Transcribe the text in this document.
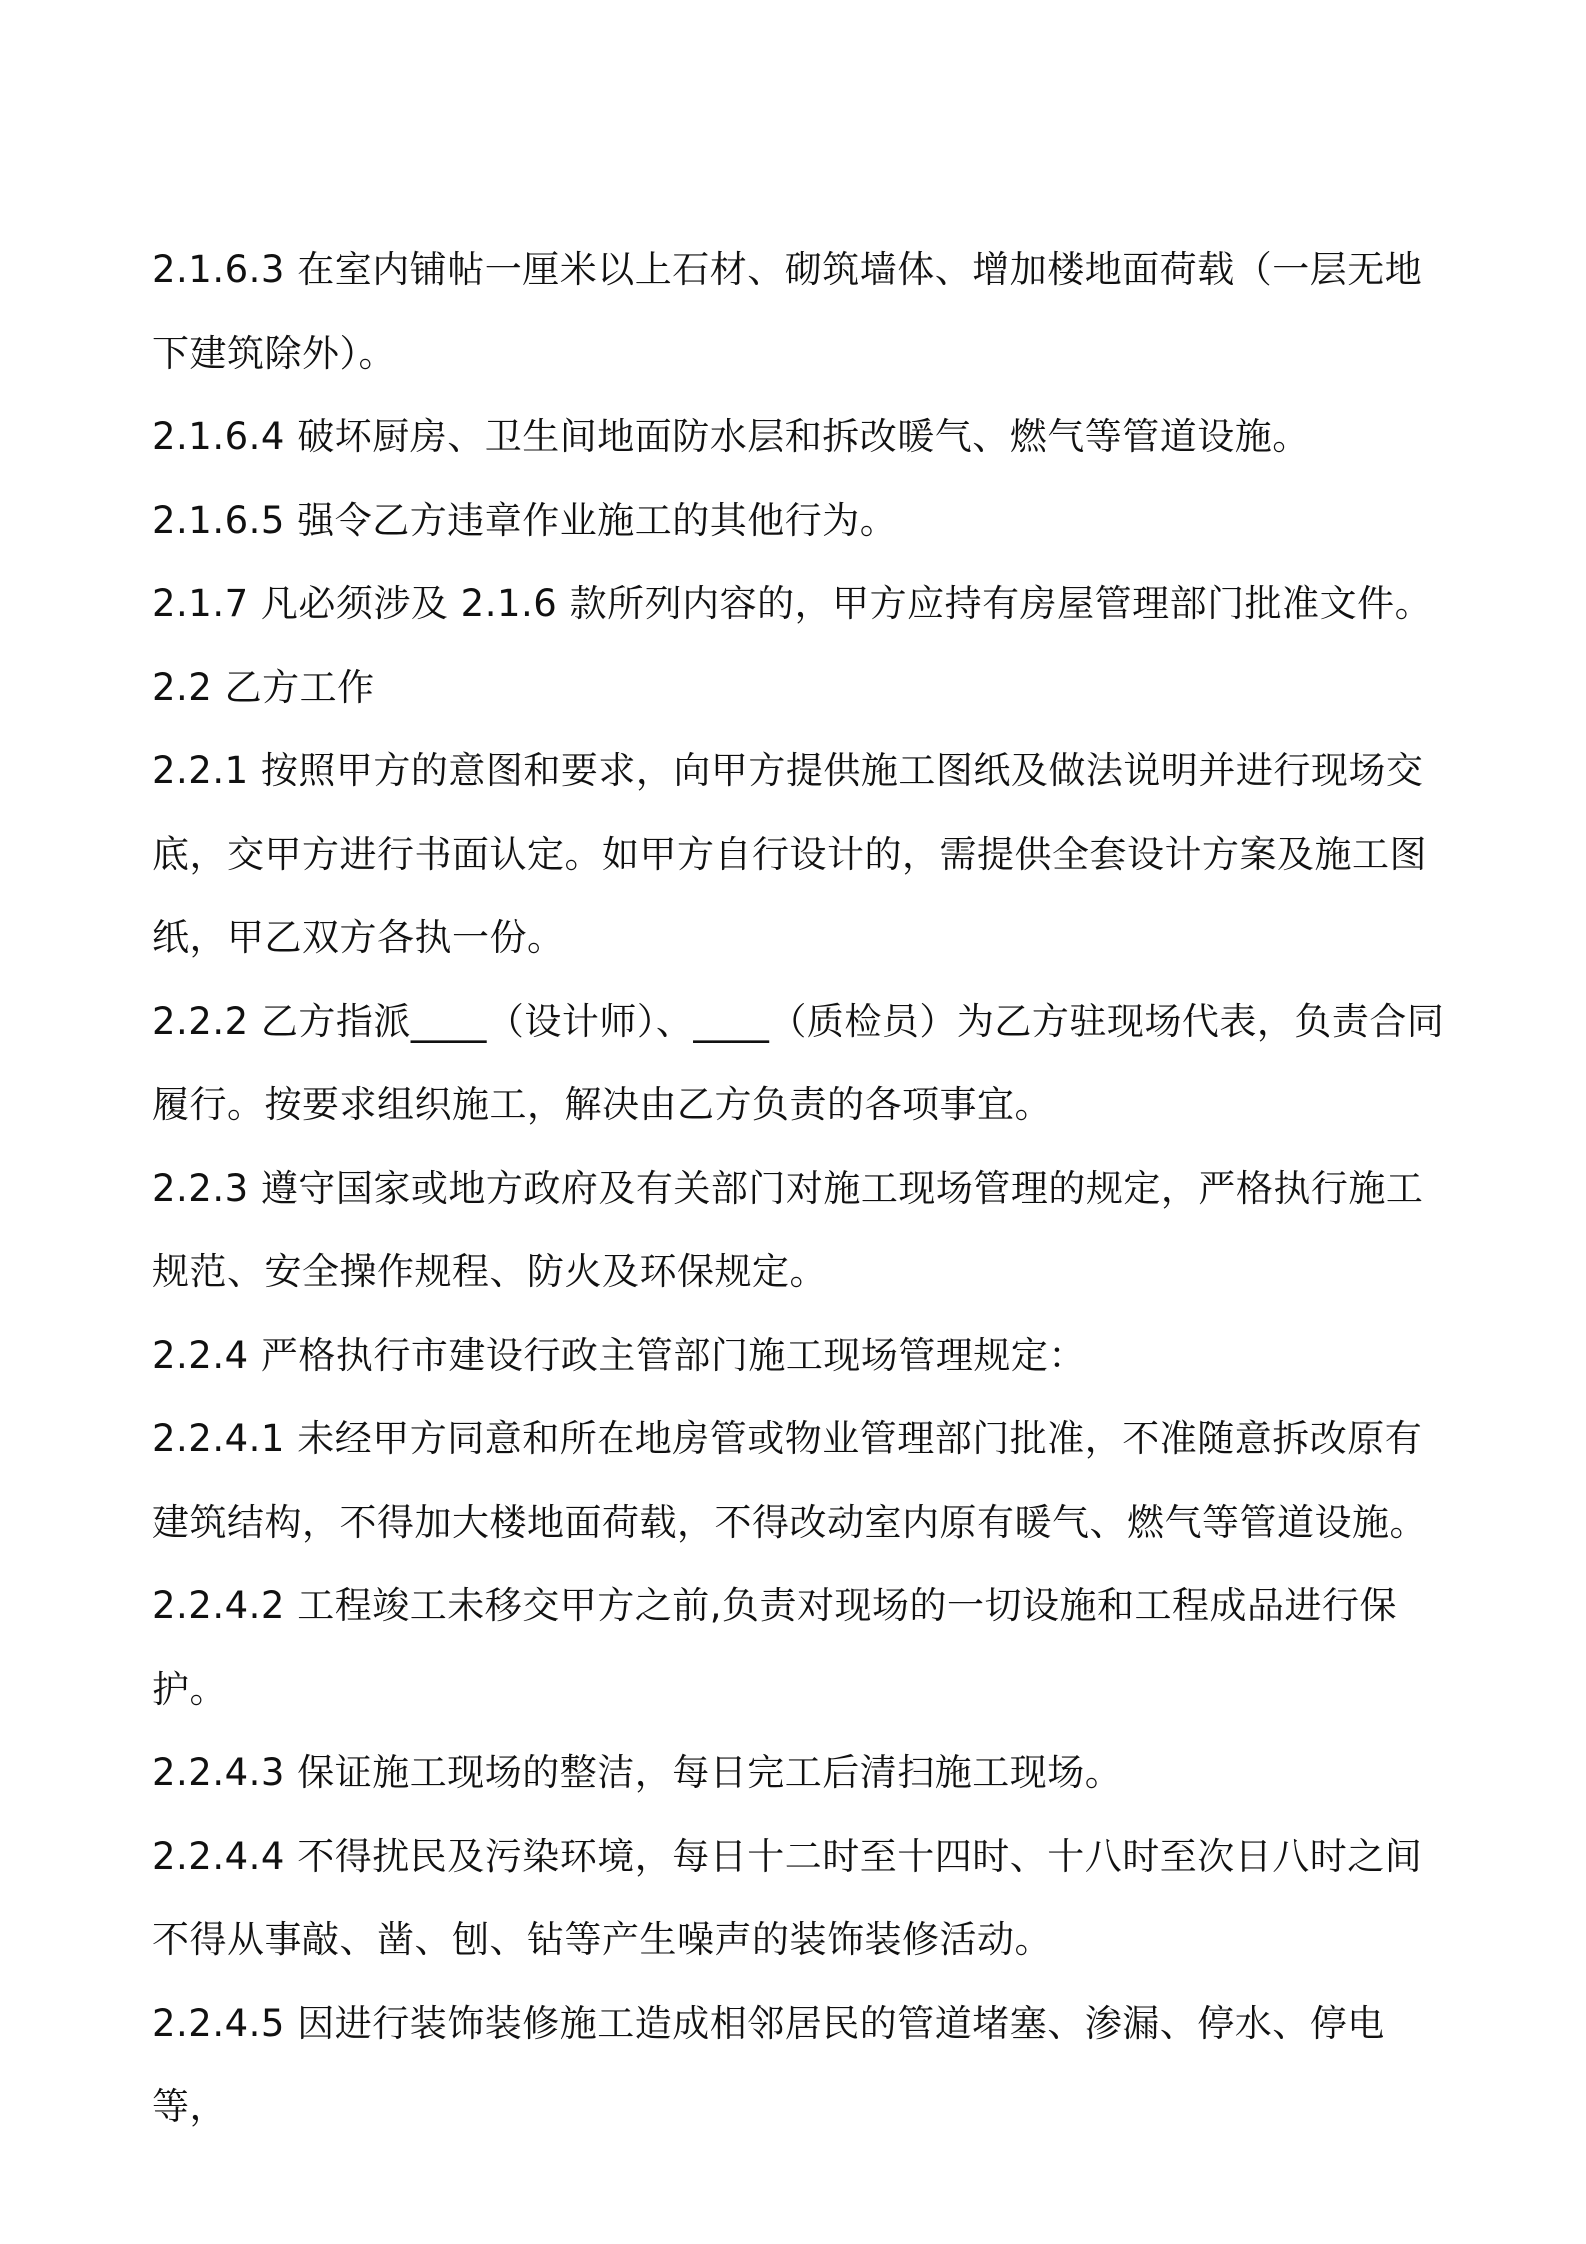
2.1.6.3 在室内铺帖一厘米以上石材、砌筑墙体、增加楼地面荷载（一层无地下建筑除外）。

2.1.6.4 破坏厨房、卫生间地面防水层和拆改暖气、燃气等管道设施。

2.1.6.5 强令乙方违章作业施工的其他行为。

2.1.7 凡必须涉及 2.1.6 款所列内容的，甲方应持有房屋管理部门批准文件。

2.2 乙方工作

2.2.1 按照甲方的意图和要求，向甲方提供施工图纸及做法说明并进行现场交底，交甲方进行书面认定。如甲方自行设计的，需提供全套设计方案及施工图纸，甲乙双方各执一份。

2.2.2 乙方指派____（设计师）、____（质检员）为乙方驻现场代表，负责合同履行。按要求组织施工，解决由乙方负责的各项事宜。

2.2.3 遵守国家或地方政府及有关部门对施工现场管理的规定，严格执行施工规范、安全操作规程、防火及环保规定。

2.2.4 严格执行市建设行政主管部门施工现场管理规定：

2.2.4.1 未经甲方同意和所在地房管或物业管理部门批准，不准随意拆改原有建筑结构，不得加大楼地面荷载，不得改动室内原有暖气、燃气等管道设施。

2.2.4.2 工程竣工未移交甲方之前,负责对现场的一切设施和工程成品进行保护。

2.2.4.3 保证施工现场的整洁，每日完工后清扫施工现场。

2.2.4.4 不得扰民及污染环境，每日十二时至十四时、十八时至次日八时之间不得从事敲、凿、刨、钻等产生噪声的装饰装修活动。

2.2.4.5 因进行装饰装修施工造成相邻居民的管道堵塞、渗漏、停水、停电等，
